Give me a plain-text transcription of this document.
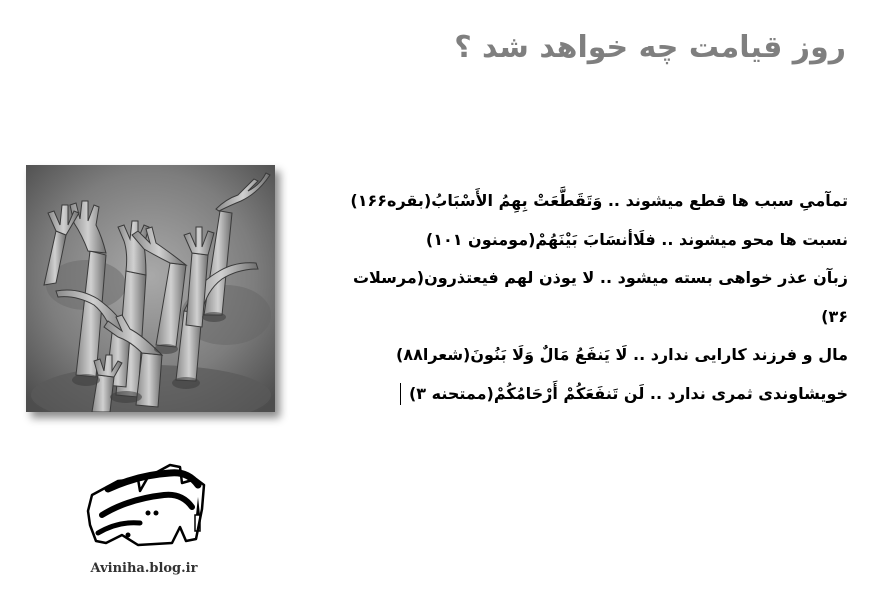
روز قیامت چه خواهد شد ؟
تمآمیِ سبب ها قطع میشوند .. وَتَقَطَّعَتْ بِهِمُ الأَسْبَابُ(بقره۱۶۶)
نسبت ها محو میشوند .. فلَاأنسَابَ بَيْنَهُمْ(مومنون ۱۰۱)
زبآن عذر خواهی بسته میشود .. لا یوذن لهم فیعتذرون(مرسلات
۳۶)
مال و فرزند کارایی ندارد .. لَا يَنفَعُ مَالٌ وَلَا بَنُونَ(شعرا۸۸)
خویشاوندی ثمری ندارد .. لَن تَنفَعَكُمْ أَرْحَامُكُمْ(ممتحنه ۳)
Aviniha.blog.ir
